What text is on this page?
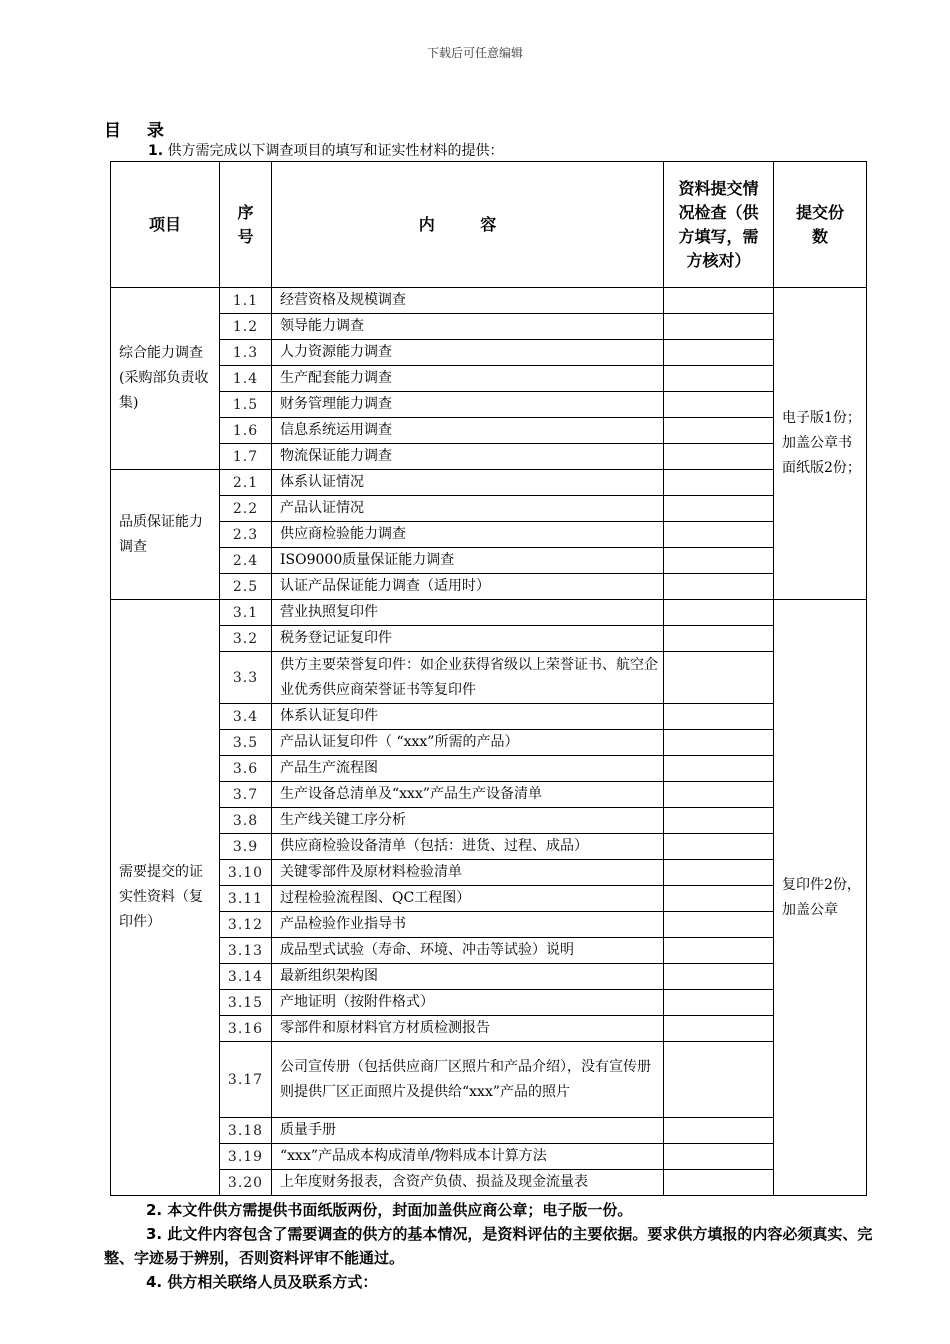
下载后可任意编辑
目 录
1. 供方需完成以下调查项目的填写和证实性材料的提供：
项目	序号	内 容	资料提交情况检查（供方填写，需方核对）	提交份数
综合能力调查(采购部负责收集)	1.1	经营资格及规模调查		电子版1份；加盖公章书面纸版2份；
	1.2	领导能力调查		
	1.3	人力资源能力调查		
	1.4	生产配套能力调查		
	1.5	财务管理能力调查		
	1.6	信息系统运用调查		
	1.7	物流保证能力调查		
品质保证能力调查	2.1	体系认证情况		
	2.2	产品认证情况		
	2.3	供应商检验能力调查		
	2.4	ISO9000质量保证能力调查		
	2.5	认证产品保证能力调查（适用时）		
需要提交的证实性资料（复印件）	3.1	营业执照复印件		复印件2份，加盖公章
	3.2	税务登记证复印件		
	3.3	供方主要荣誉复印件：如企业获得省级以上荣誉证书、航空企业优秀供应商荣誉证书等复印件		
	3.4	体系认证复印件		
	3.5	产品认证复印件（ “xxx”所需的产品）		
	3.6	产品生产流程图		
	3.7	生产设备总清单及“xxx”产品生产设备清单		
	3.8	生产线关键工序分析		
	3.9	供应商检验设备清单（包括：进货、过程、成品）		
	3.10	关键零部件及原材料检验清单		
	3.11	过程检验流程图、QC工程图）		
	3.12	产品检验作业指导书		
	3.13	成品型式试验（寿命、环境、冲击等试验）说明		
	3.14	最新组织架构图		
	3.15	产地证明（按附件格式）		
	3.16	零部件和原材料官方材质检测报告		
	3.17	公司宣传册（包括供应商厂区照片和产品介绍），没有宣传册则提供厂区正面照片及提供给“xxx”产品的照片		
	3.18	质量手册		
	3.19	“xxx”产品成本构成清单/物料成本计算方法		
	3.20	上年度财务报表，含资产负债、损益及现金流量表		
2. 本文件供方需提供书面纸版两份，封面加盖供应商公章；电子版一份。
3. 此文件内容包含了需要调查的供方的基本情况，是资料评估的主要依据。要求供方填报的内容必须真实、完整、字迹易于辨别，否则资料评审不能通过。
4. 供方相关联络人员及联系方式：
